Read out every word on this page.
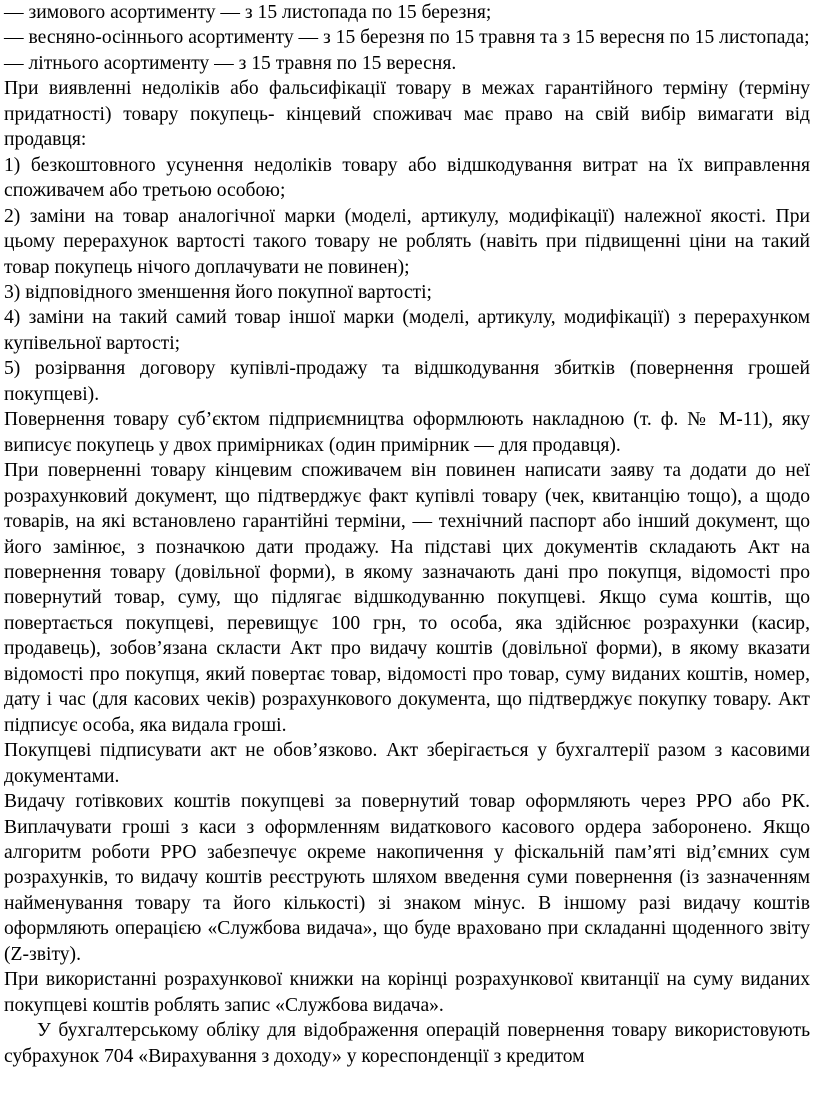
— зимового асортименту — з 15 листопада по 15 березня;

— весняно-осіннього асортименту — з 15 березня по 15 травня та з 15 вересня по 15 листопада;

— літнього асортименту — з 15 травня по 15 вересня.

При виявленні недоліків або фальсифікації товару в межах гарантійного терміну (терміну придатності) товару покупець- кінцевий споживач має право на свій вибір вимагати від продавця:

1) безкоштовного усунення недоліків товару або відшкодування витрат на їх виправлення споживачем або третьою особою;

2) заміни на товар аналогічної марки (моделі, артикулу, модифікації) належної якості. При цьому перерахунок вартості такого товару не роблять (навіть при підвищенні ціни на такий товар покупець нічого доплачувати не повинен);

3) відповідного зменшення його покупної вартості;

4) заміни на такий самий товар іншої марки (моделі, артикулу, модифікації) з перерахунком купівельної вартості;

5) розірвання договору купівлі-продажу та відшкодування збитків (повернення грошей покупцеві).

Повернення товару суб’єктом підприємництва оформлюють накладною (т. ф. № М-11), яку виписує покупець у двох примірниках (один примірник — для продавця).

При поверненні товару кінцевим споживачем він повинен написати заяву та додати до неї розрахунковий документ, що підтверджує факт купівлі товару (чек, квитанцію тощо), а щодо товарів, на які встановлено гарантійні терміни, — технічний паспорт або інший документ, що його замінює, з позначкою дати продажу. На підставі цих документів складають Акт на повернення товару (довільної форми), в якому зазначають дані про покупця, відомості про повернутий товар, суму, що підлягає відшкодуванню покупцеві. Якщо сума коштів, що повертається покупцеві, перевищує 100 грн, то особа, яка здійснює розрахунки (касир, продавець), зобов’язана скласти Акт про видачу коштів (довільної форми), в якому вказати відомості про покупця, який повертає товар, відомості про товар, суму виданих коштів, номер, дату і час (для касових чеків) розрахункового документа, що підтверджує покупку товару. Акт підписує особа, яка видала гроші.

Покупцеві підписувати акт не обов’язково. Акт зберігається у бухгалтерії разом з касовими документами.

Видачу готівкових коштів покупцеві за повернутий товар оформляють через РРО або РК. Виплачувати гроші з каси з оформленням видаткового касового ордера заборонено. Якщо алгоритм роботи РРО забезпечує окреме накопичення у фіскальній пам’яті від’ємних сум розрахунків, то видачу коштів реєструють шляхом введення суми повернення (із зазначенням найменування товару та його кількості) зі знаком мінус. В іншому разі видачу коштів оформляють операцією «Службова видача», що буде враховано при складанні щоденного звіту (Z-звіту).

При використанні розрахункової книжки на корінці розрахункової квитанції на суму виданих покупцеві коштів роблять запис «Службова видача».

У бухгалтерському обліку для відображення операцій повернення товару використовують субрахунок 704 «Вирахування з доходу» у кореспонденції з кредитом
